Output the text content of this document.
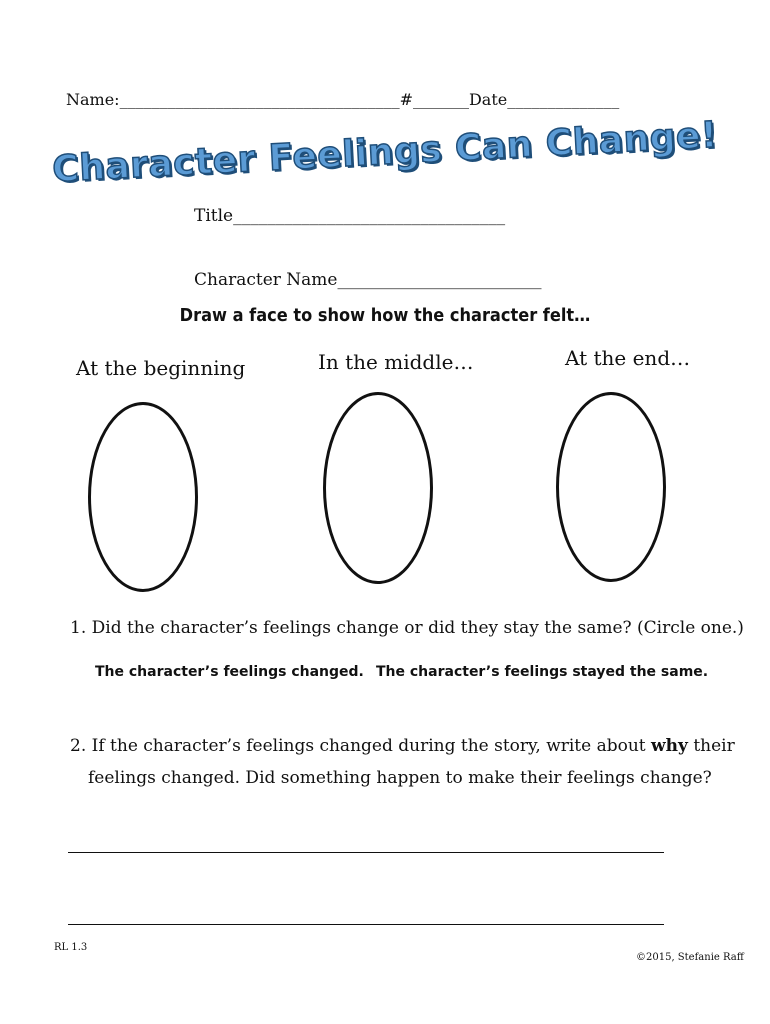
Name:___________________________________#_______Date______________
Character Feelings Can Change!
Title________________________________
Character Name________________________
Draw a face to show how the character felt…
At the beginning	In the middle…	At the end…
1. Did the character’s feelings change or did they stay the same? (Circle one.)
The character’s feelings changed. The character’s feelings stayed the same.
2. If the character’s feelings changed during the story, write about why their
feelings changed. Did something happen to make their feelings change?
RL 1.3
©2015, Stefanie Raff
